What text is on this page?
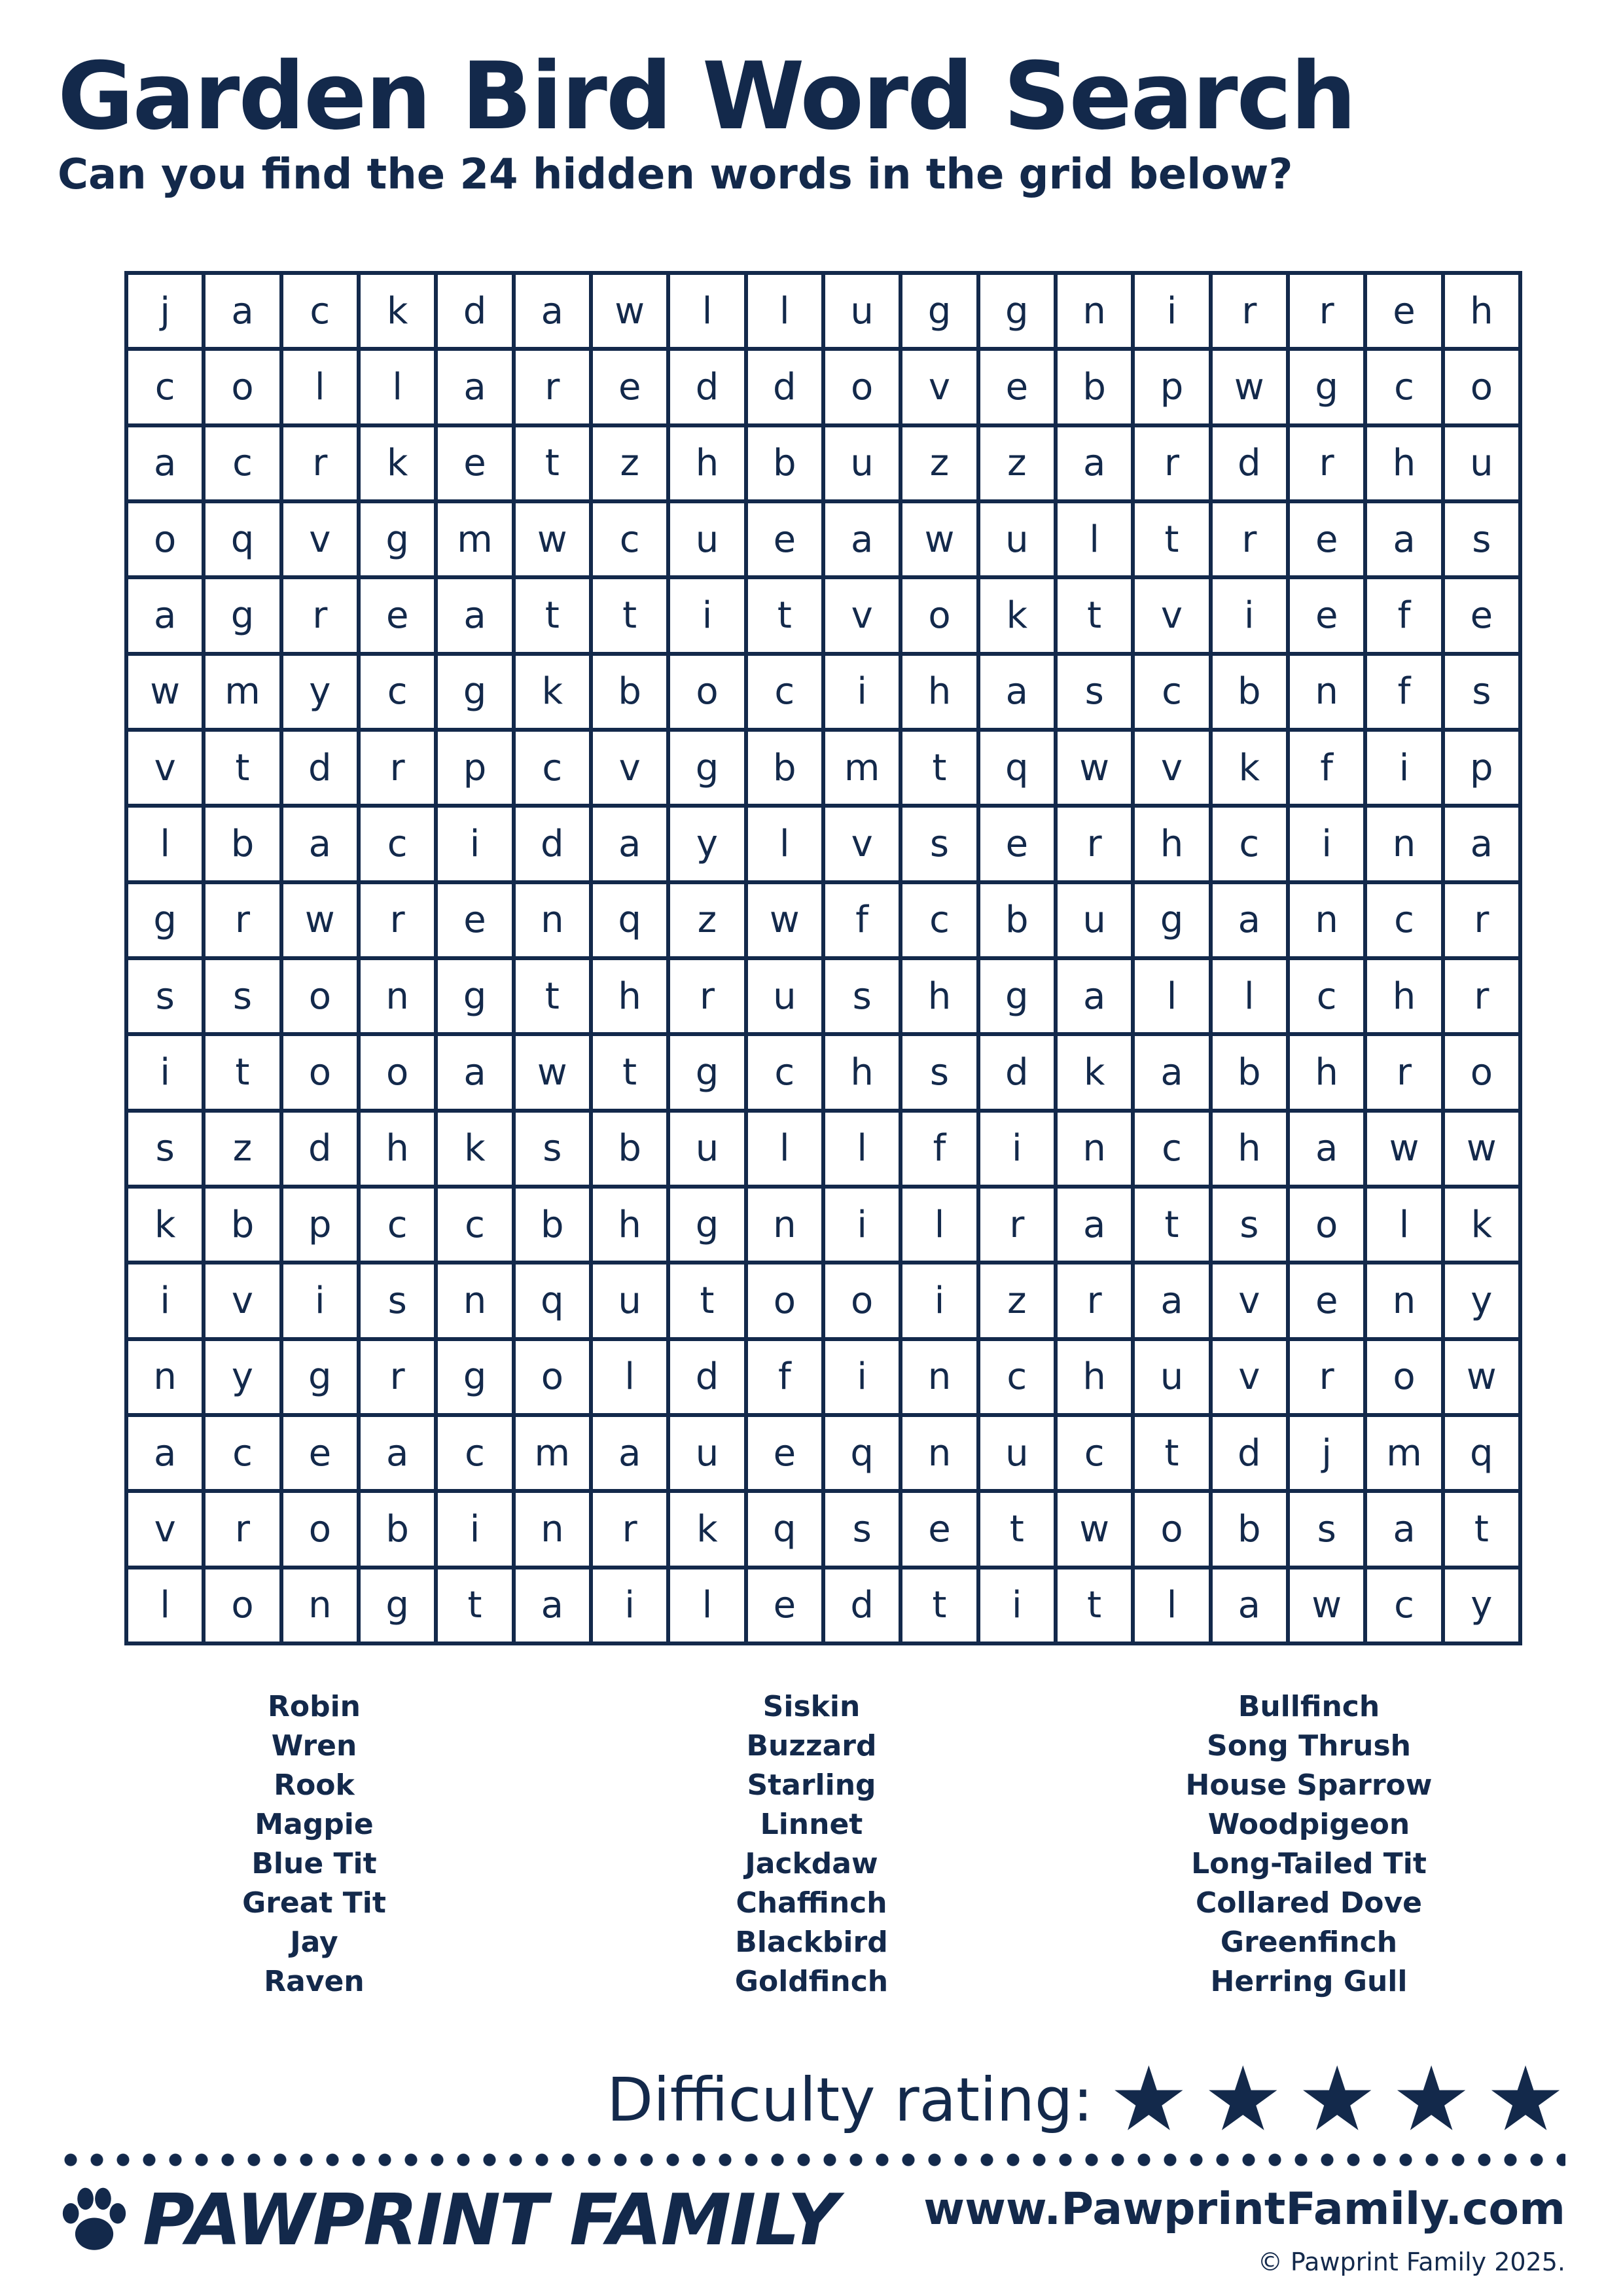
Garden Bird Word Search

Can you find the 24 hidden words in the grid below?

j	a	c	k	d	a	w	l	l	u	g	g	n	i	r	r	e	h
c	o	l	l	a	r	e	d	d	o	v	e	b	p	w	g	c	o
a	c	r	k	e	t	z	h	b	u	z	z	a	r	d	r	h	u
o	q	v	g	m	w	c	u	e	a	w	u	l	t	r	e	a	s
a	g	r	e	a	t	t	i	t	v	o	k	t	v	i	e	f	e
w	m	y	c	g	k	b	o	c	i	h	a	s	c	b	n	f	s
v	t	d	r	p	c	v	g	b	m	t	q	w	v	k	f	i	p
l	b	a	c	i	d	a	y	l	v	s	e	r	h	c	i	n	a
g	r	w	r	e	n	q	z	w	f	c	b	u	g	a	n	c	r
s	s	o	n	g	t	h	r	u	s	h	g	a	l	l	c	h	r
i	t	o	o	a	w	t	g	c	h	s	d	k	a	b	h	r	o
s	z	d	h	k	s	b	u	l	l	f	i	n	c	h	a	w	w
k	b	p	c	c	b	h	g	n	i	l	r	a	t	s	o	l	k
i	v	i	s	n	q	u	t	o	o	i	z	r	a	v	e	n	y
n	y	g	r	g	o	l	d	f	i	n	c	h	u	v	r	o	w
a	c	e	a	c	m	a	u	e	q	n	u	c	t	d	j	m	q
v	r	o	b	i	n	r	k	q	s	e	t	w	o	b	s	a	t
l	o	n	g	t	a	i	l	e	d	t	i	t	l	a	w	c	y
Robin
Wren
Rook
Magpie
Blue Tit
Great Tit
Jay
Raven
Siskin
Buzzard
Starling
Linnet
Jackdaw
Chaffinch
Blackbird
Goldfinch
Bullfinch
Song Thrush
House Sparrow
Woodpigeon
Long-Tailed Tit
Collared Dove
Greenfinch
Herring Gull
Difficulty rating: ★ ★ ★ ★ ★
PAWPRINT FAMILY www.PawprintFamily.com
© Pawprint Family 2025.
